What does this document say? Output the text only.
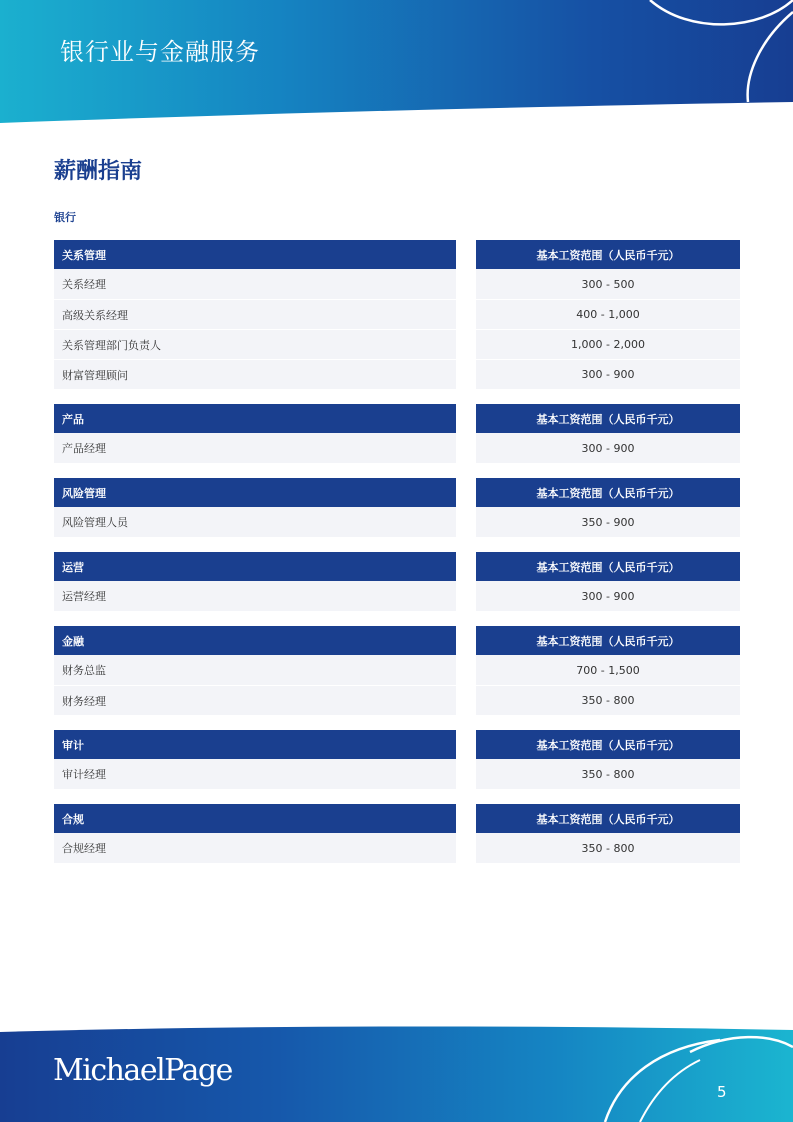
银行业与金融服务
薪酬指南
银行
关系管理	基本工资范围（人民币千元）
关系经理	300 - 500
高级关系经理	400 - 1,000
关系管理部门负责人	1,000 - 2,000
财富管理顾问	300 - 900
产品	基本工资范围（人民币千元）
产品经理	300 - 900
风险管理	基本工资范围（人民币千元）
风险管理人员	350 - 900
运营	基本工资范围（人民币千元）
运营经理	300 - 900
金融	基本工资范围（人民币千元）
财务总监	700 - 1,500
财务经理	350 - 800
审计	基本工资范围（人民币千元）
审计经理	350 - 800
合规	基本工资范围（人民币千元）
合规经理	350 - 800
MichaelPage
5
